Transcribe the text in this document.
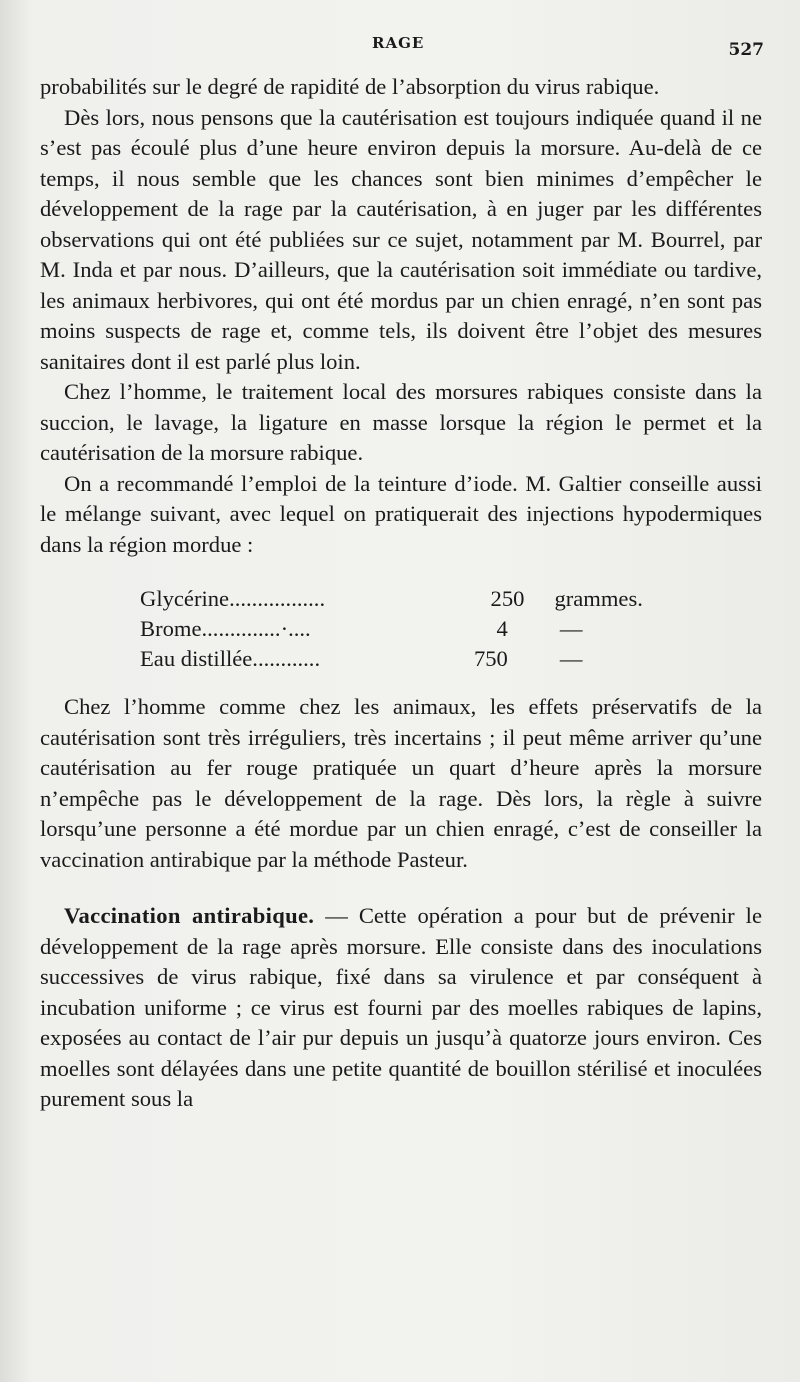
RAGE	527

probabilités sur le degré de rapidité de l’absorption du virus rabique.

Dès lors, nous pensons que la cautérisation est toujours indiquée quand il ne s’est pas écoulé plus d’une heure environ depuis la morsure. Au-delà de ce temps, il nous semble que les chances sont bien minimes d’empêcher le développement de la rage par la cautérisation, à en juger par les différentes observations qui ont été publiées sur ce sujet, notamment par M. Bourrel, par M. Inda et par nous. D’ailleurs, que la cautérisation soit immédiate ou tardive, les animaux herbivores, qui ont été mordus par un chien enragé, n’en sont pas moins suspects de rage et, comme tels, ils doivent être l’objet des mesures sanitaires dont il est parlé plus loin.

Chez l’homme, le traitement local des morsures rabiques consiste dans la succion, le lavage, la ligature en masse lorsque la région le permet et la cautérisation de la morsure rabique.

On a recommandé l’emploi de la teinture d’iode. M. Galtier conseille aussi le mélange suivant, avec lequel on pratiquerait des injections hypodermiques dans la région mordue :

Glycérine.................	250	grammes.
Brome..............·....	4	—
Eau distillée............	750	—

Chez l’homme comme chez les animaux, les effets préservatifs de la cautérisation sont très irréguliers, très incertains ; il peut même arriver qu’une cautérisation au fer rouge pratiquée un quart d’heure après la morsure n’empêche pas le développement de la rage. Dès lors, la règle à suivre lorsqu’une personne a été mordue par un chien enragé, c’est de conseiller la vaccination antirabique par la méthode Pasteur.

Vaccination antirabique. — Cette opération a pour but de prévenir le développement de la rage après morsure. Elle consiste dans des inoculations successives de virus rabique, fixé dans sa virulence et par conséquent à incubation uniforme ; ce virus est fourni par des moelles rabiques de lapins, exposées au contact de l’air pur depuis un jusqu’à quatorze jours environ. Ces moelles sont délayées dans une petite quantité de bouillon stérilisé et inoculées purement sous la
